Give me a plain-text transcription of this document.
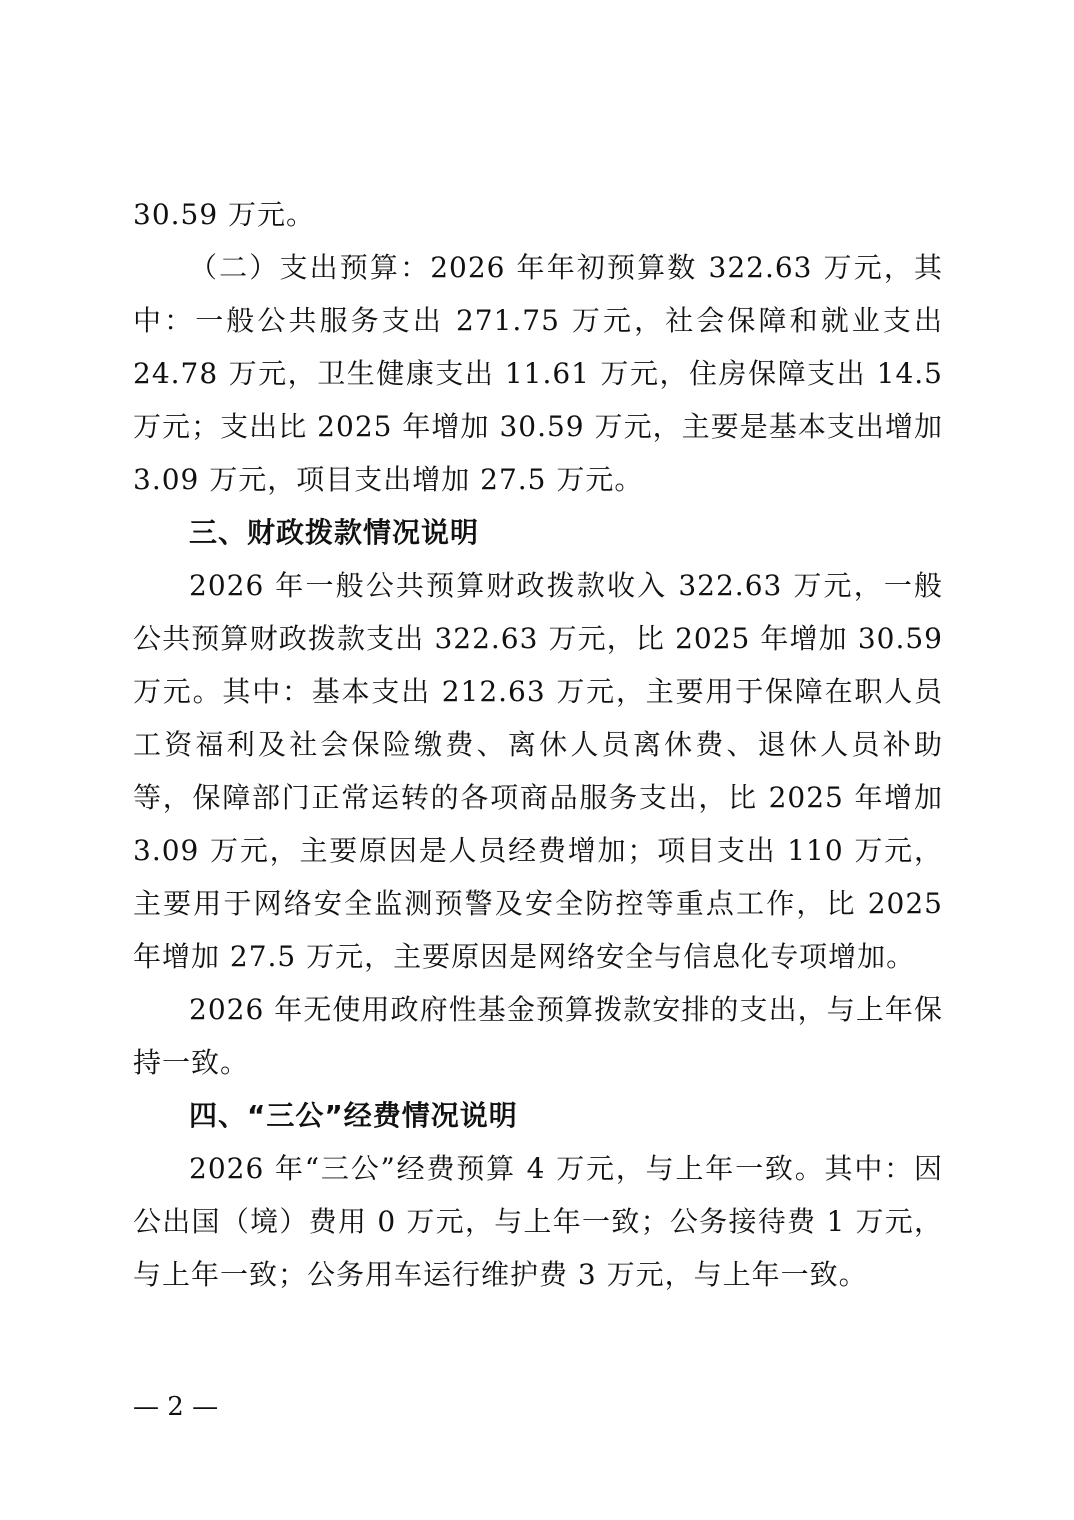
30.59 万元。

（二）支出预算：2026 年年初预算数 322.63 万元，其中：一般公共服务支出 271.75 万元，社会保障和就业支出 24.78 万元，卫生健康支出 11.61 万元，住房保障支出 14.5 万元；支出比 2025 年增加 30.59 万元，主要是基本支出增加 3.09 万元，项目支出增加 27.5 万元。

三、财政拨款情况说明

2026 年一般公共预算财政拨款收入 322.63 万元，一般公共预算财政拨款支出 322.63 万元，比 2025 年增加 30.59 万元。其中：基本支出 212.63 万元，主要用于保障在职人员工资福利及社会保险缴费、离休人员离休费、退休人员补助等，保障部门正常运转的各项商品服务支出，比 2025 年增加 3.09 万元，主要原因是人员经费增加；项目支出 110 万元，主要用于网络安全监测预警及安全防控等重点工作，比 2025 年增加 27.5 万元，主要原因是网络安全与信息化专项增加。

2026 年无使用政府性基金预算拨款安排的支出，与上年保持一致。

四、“三公”经费情况说明

2026 年“三公”经费预算 4 万元，与上年一致。其中：因公出国（境）费用 0 万元，与上年一致；公务接待费 1 万元，与上年一致；公务用车运行维护费 3 万元，与上年一致。

— 2 —
